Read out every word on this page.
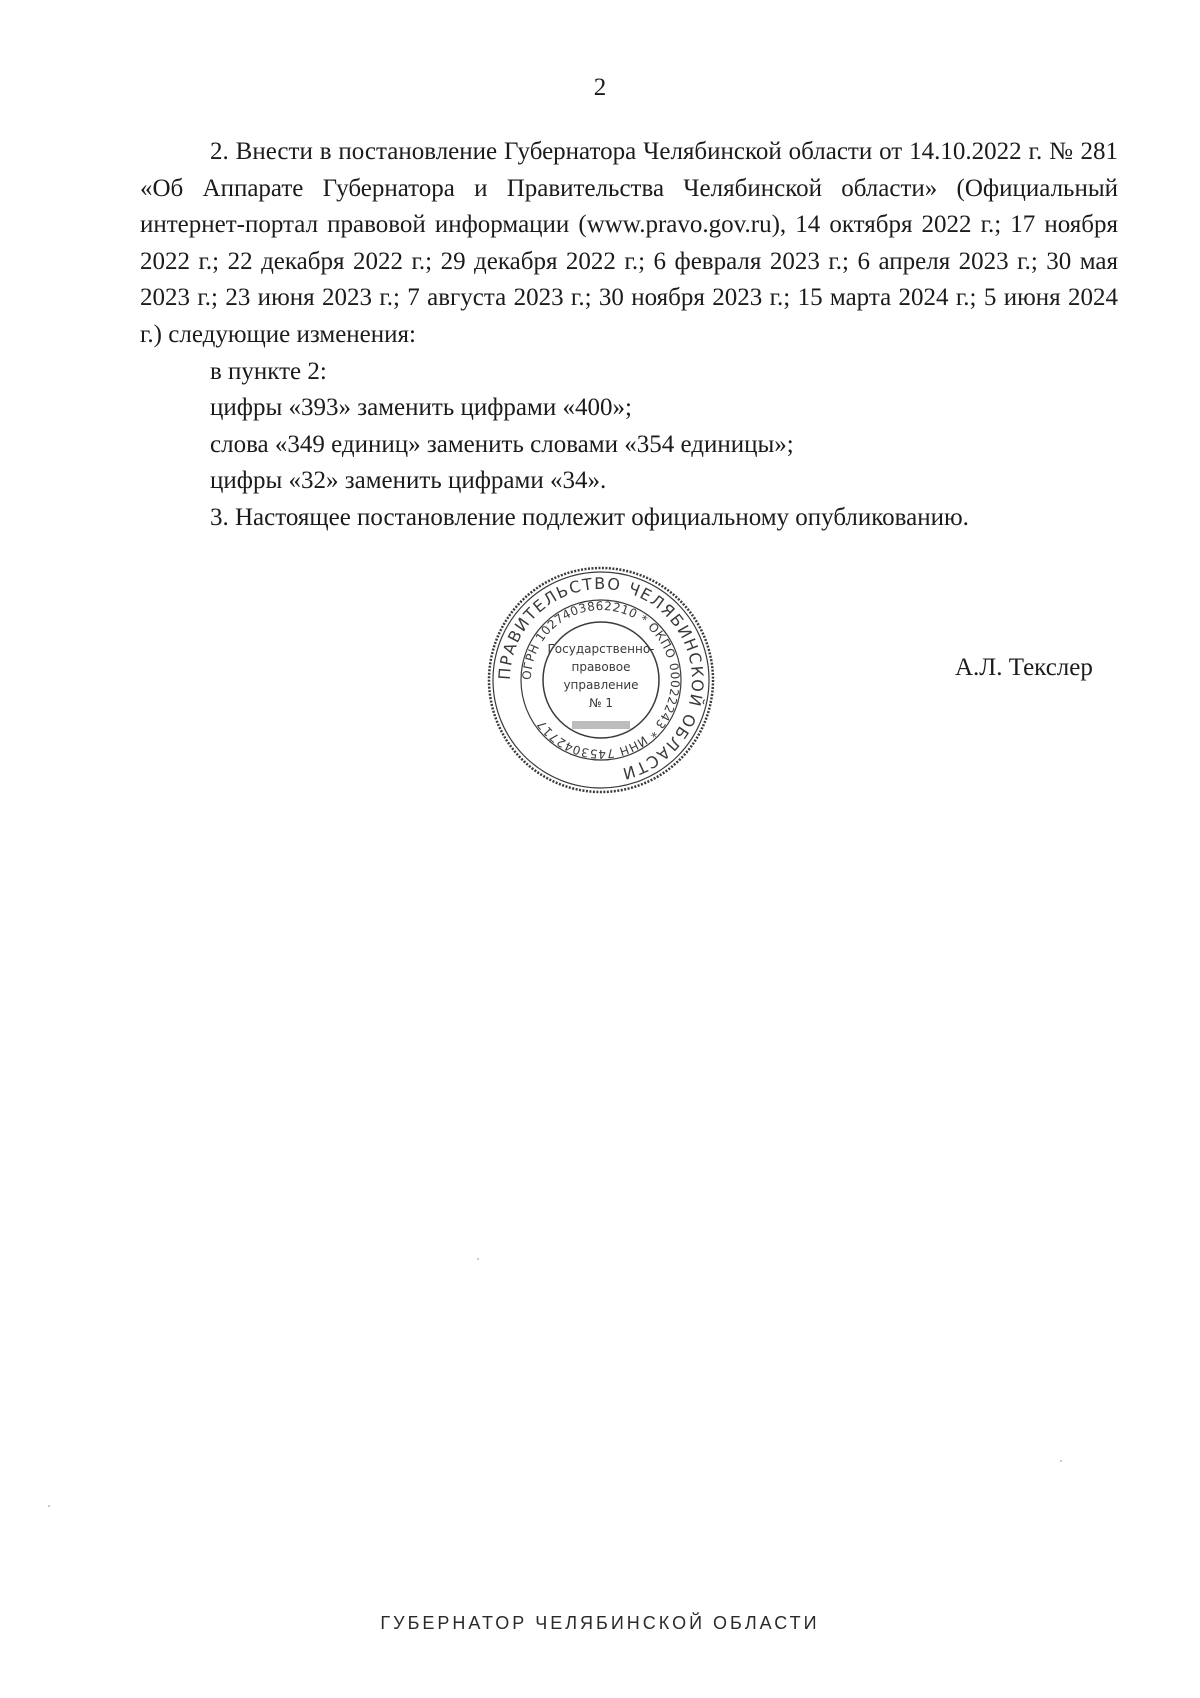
2

2. Внести в постановление Губернатора Челябинской области от 14.10.2022 г. № 281 «Об Аппарате Губернатора и Правительства Челябинской области» (Официальный интернет-портал правовой информации (www.pravo.gov.ru), 14 октября 2022 г.; 17 ноября 2022 г.; 22 декабря 2022 г.; 29 декабря 2022 г.; 6 февраля 2023 г.; 6 апреля 2023 г.; 30 мая 2023 г.; 23 июня 2023 г.; 7 августа 2023 г.; 30 ноября 2023 г.; 15 марта 2024 г.; 5 июня 2024 г.) следующие изменения:

в пункте 2:

цифры «393» заменить цифрами «400»;

слова «349 единиц» заменить словами «354 единицы»;

цифры «32» заменить цифрами «34».

3. Настоящее постановление подлежит официальному опубликованию.

ПРАВИТЕЛЬСТВО ЧЕЛЯБИНСКОЙ ОБЛАСТИ
ОГРН 1027403862210 * ОКПО 00022243 * ИНН 7453042717
Государственно-
правовое
управление
№ 1
А.Л. Текслер
ГУБЕРНАТОР ЧЕЛЯБИНСКОЙ ОБЛАСТИ
